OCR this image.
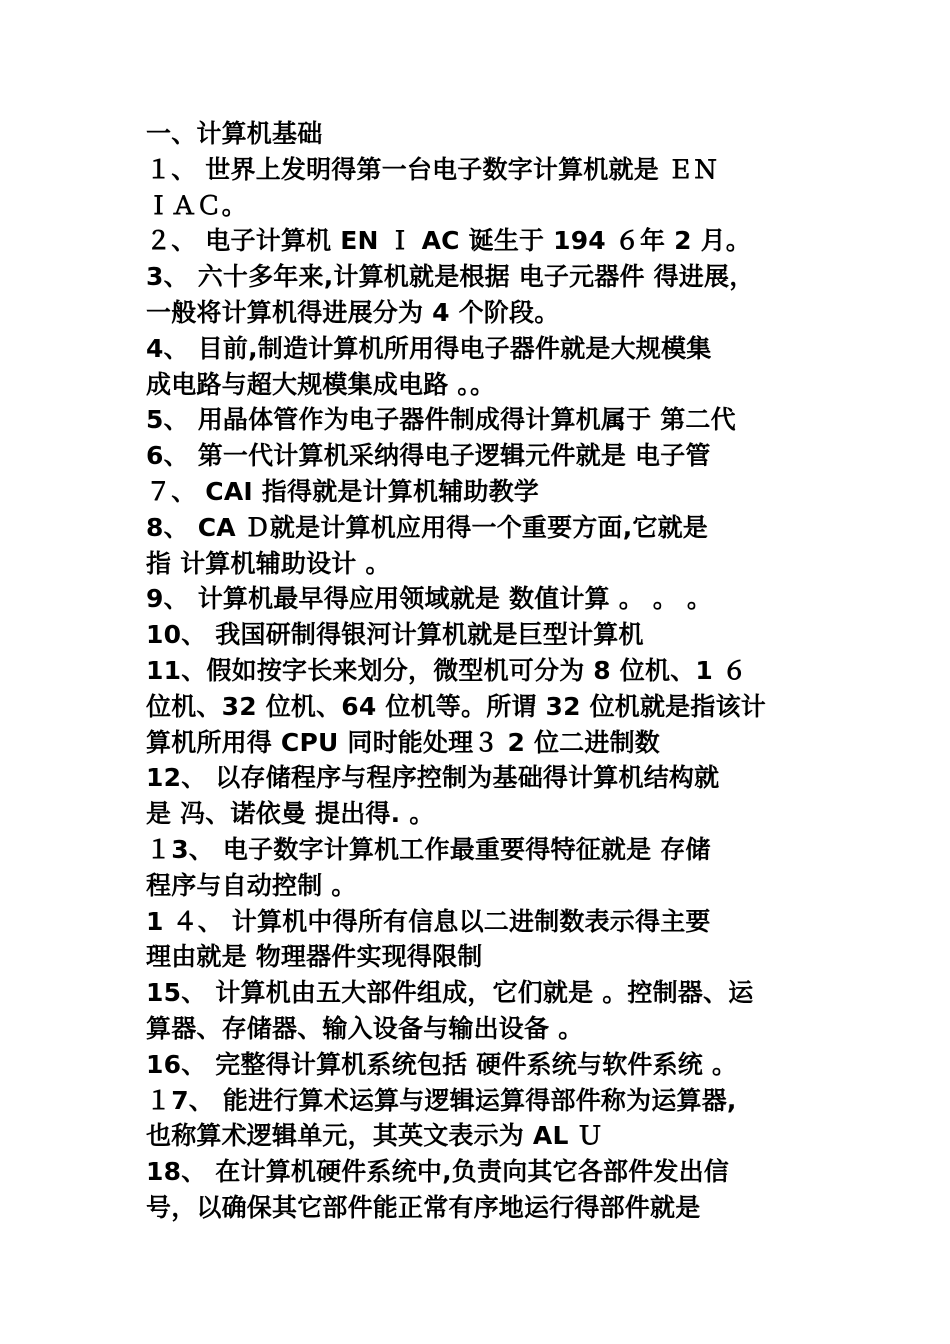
一、计算机基础
１、 世界上发明得第一台电子数字计算机就是 ＥＮ
ＩＡＣ。
２、 电子计算机 EN Ｉ AC 诞生于 194 ６年 2 月。
3、 六十多年来,计算机就是根据 电子元器件 得进展，
一般将计算机得进展分为 4 个阶段。
4、 目前,制造计算机所用得电子器件就是大规模集
成电路与超大规模集成电路 。。
5、 用晶体管作为电子器件制成得计算机属于 第二代
6、 第一代计算机采纳得电子逻辑元件就是 电子管
７、 CAI 指得就是计算机辅助教学
8、 CA Ｄ就是计算机应用得一个重要方面,它就是
指 计算机辅助设计 。
9、 计算机最早得应用领域就是 数值计算 。 。 。
10、 我国研制得银河计算机就是巨型计算机
11、假如按字长来划分，微型机可分为 8 位机、1 ６
位机、32 位机、64 位机等。所谓 32 位机就是指该计
算机所用得 CPU 同时能处理３ 2 位二进制数
12、 以存储程序与程序控制为基础得计算机结构就
是 冯、诺依曼 提出得. 。
１3、 电子数字计算机工作最重要得特征就是 存储
程序与自动控制 。
1 ４、 计算机中得所有信息以二进制数表示得主要
理由就是 物理器件实现得限制
15、 计算机由五大部件组成，它们就是 。控制器、运
算器、存储器、输入设备与输出设备 。
16、 完整得计算机系统包括 硬件系统与软件系统 。
１7、 能进行算术运算与逻辑运算得部件称为运算器,
也称算术逻辑单元，其英文表示为 AL Ｕ
18、 在计算机硬件系统中,负责向其它各部件发出信
号，以确保其它部件能正常有序地运行得部件就是
